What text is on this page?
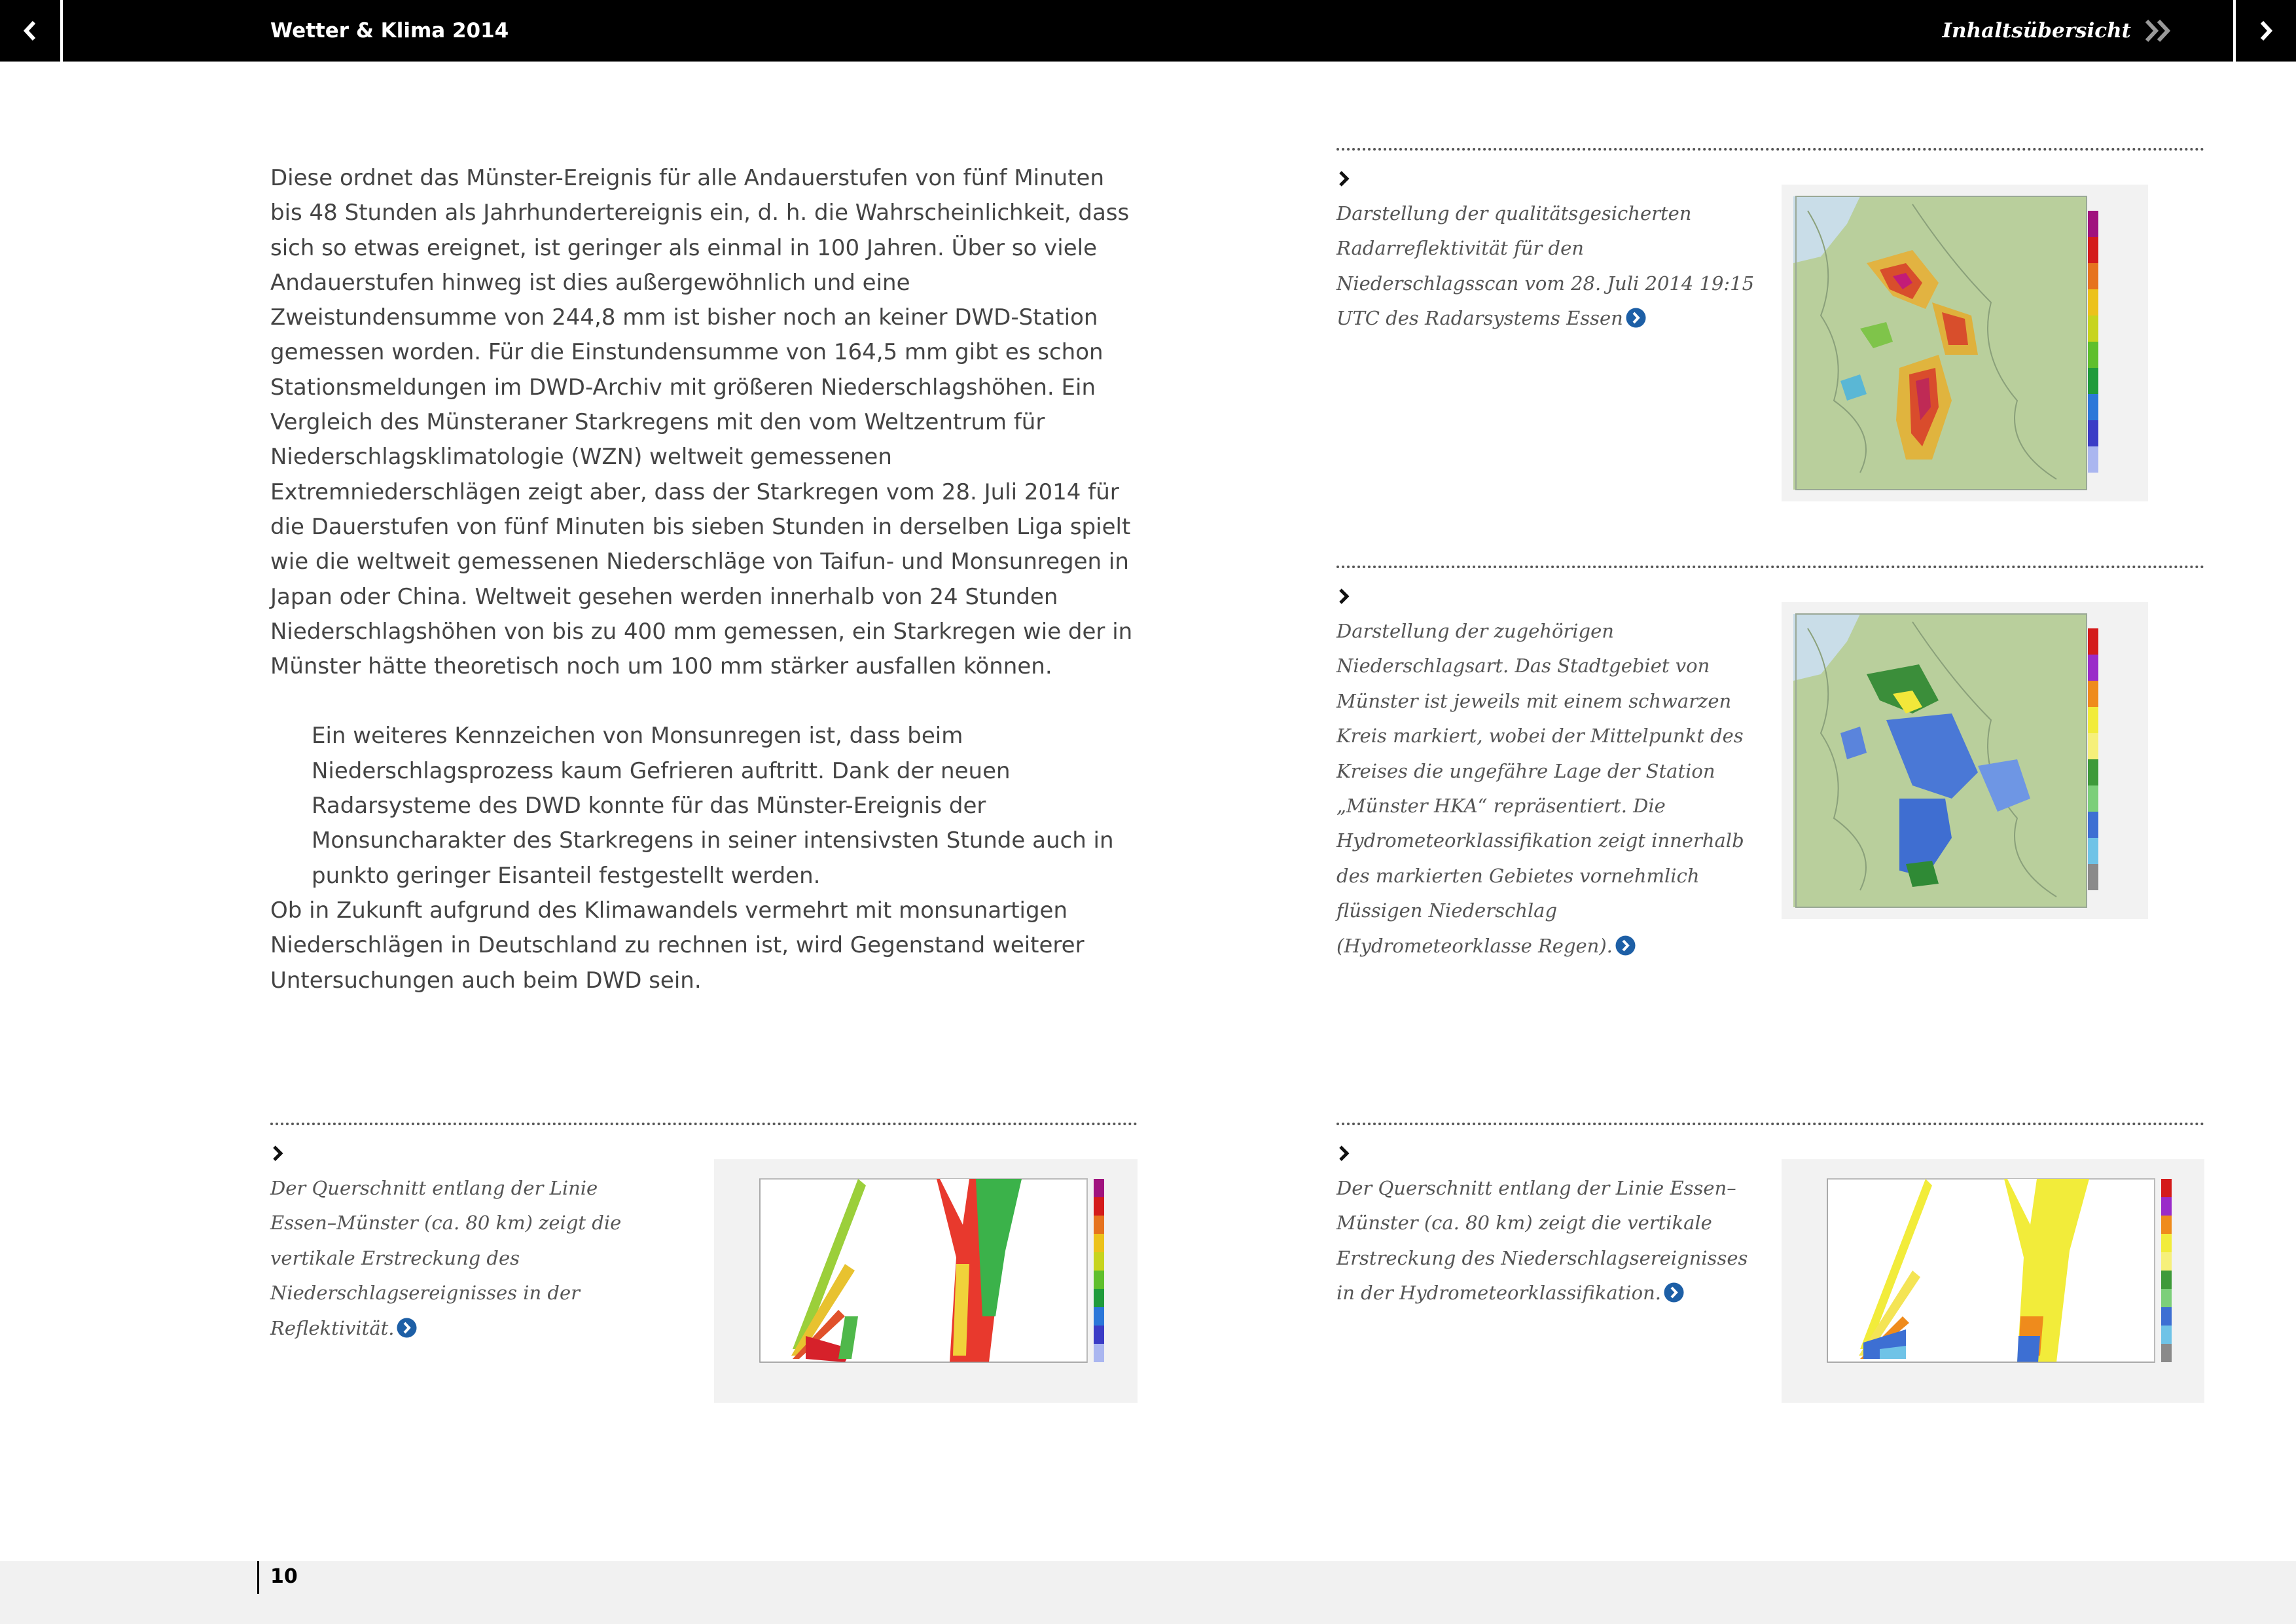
Wetter & Klima 2014	Inhaltsübersicht

Diese ordnet das Münster-Ereignis für alle Andauerstufen von fünf Minuten bis 48 Stunden als Jahrhundertereignis ein, d. h. die Wahrscheinlichkeit, dass sich so etwas ereignet, ist geringer als einmal in 100 Jahren. Über so viele Andauerstufen hinweg ist dies außergewöhnlich und eine Zweistundensumme von 244,8 mm ist bisher noch an keiner DWD-Station gemessen worden. Für die Einstundensumme von 164,5 mm gibt es schon Stationsmeldungen im DWD-Archiv mit größeren Niederschlagshöhen. Ein Vergleich des Münsteraner Starkregens mit den vom Weltzentrum für Niederschlagsklimatologie (WZN) weltweit gemessenen Extremniederschlägen zeigt aber, dass der Starkregen vom 28. Juli 2014 für die Dauerstufen von fünf Minuten bis sieben Stunden in derselben Liga spielt wie die weltweit gemessenen Niederschläge von Taifun- und Monsunregen in Japan oder China. Weltweit gesehen werden innerhalb von 24 Stunden Niederschlagshöhen von bis zu 400 mm gemessen, ein Starkregen wie der in Münster hätte theoretisch noch um 100 mm stärker ausfallen können.

Ein weiteres Kennzeichen von Monsunregen ist, dass beim Niederschlagsprozess kaum Gefrieren auftritt. Dank der neuen Radarsysteme des DWD konnte für das Münster-Ereignis der Monsuncharakter des Starkregens in seiner intensivsten Stunde auch in punkto geringer Eisanteil festgestellt werden.

Ob in Zukunft aufgrund des Klimawandels vermehrt mit monsunartigen Niederschlägen in Deutschland zu rechnen ist, wird Gegenstand weiterer Untersuchungen auch beim DWD sein.

Darstellung der qualitätsgesicherten Radarreflektivität für den Niederschlagsscan vom 28. Juli 2014 19:15 UTC des Radarsystems Essen
Darstellung der zugehörigen Niederschlagsart. Das Stadtgebiet von Münster ist jeweils mit einem schwarzen Kreis markiert, wobei der Mittelpunkt des Kreises die ungefähre Lage der Station „Münster HKA“ repräsentiert. Die Hydrometeorklassifikation zeigt innerhalb des markierten Gebietes vornehmlich flüssigen Niederschlag (Hydrometeorklasse Regen).
Der Querschnitt entlang der Linie Essen–Münster (ca. 80 km) zeigt die vertikale Erstreckung des Niederschlagsereignisses in der Reflektivität.
Der Querschnitt entlang der Linie Essen–Münster (ca. 80 km) zeigt die vertikale Erstreckung des Niederschlagsereignisses in der Hydrometeorklassifikation.
10
